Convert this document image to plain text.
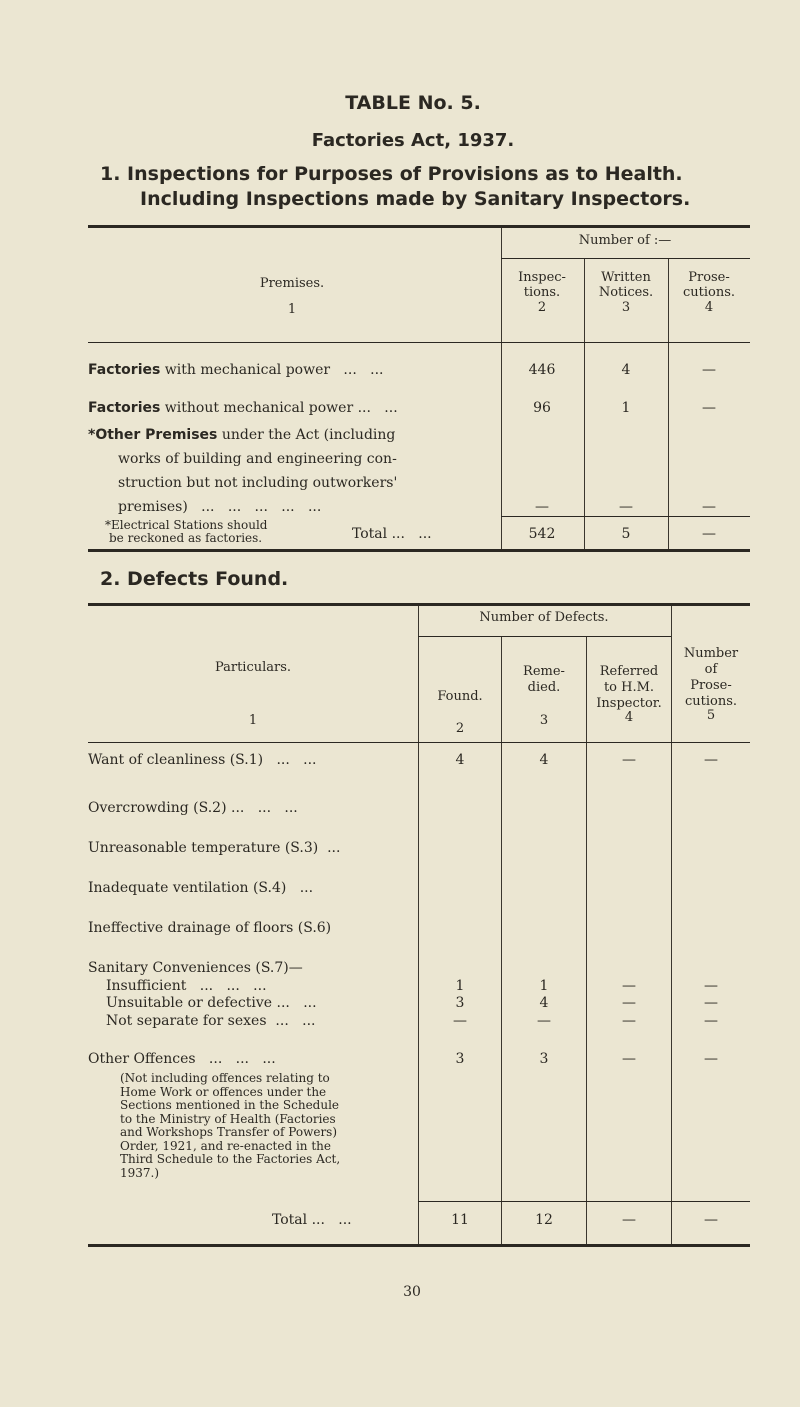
TABLE No. 5.
Factories Act, 1937.
1. Inspections for Purposes of Provisions as to Health.
Including Inspections made by Sanitary Inspectors.
Number of :—
Premises.
1
Inspec-
tions.
2
Written
Notices.
3
Prose-
cutions.
4
Factories with mechanical power   ...   ...	446	4	—
Factories without mechanical power ...   ...	96	1	—
*Other Premises under the Act (including
works of building and engineering con-
struction but not including outworkers'
premises)   ...   ...   ...   ...   ...	—	—	—
*Electrical Stations should
be reckoned as factories.
2. Defects Found.
Number of Defects.
Particulars.
1
Found.
2
Reme-
died.
3
Referred
to H.M.
Inspector.
4
Number
of
Prose-
cutions.
5
Want of cleanliness (S.1)   ...   ...	4	4	—	—
Overcrowding (S.2) ...   ...   ...
Unreasonable temperature (S.3)  ...
Inadequate ventilation (S.4)   ...
Ineffective drainage of floors (S.6)
Sanitary Conveniences (S.7)—
Insufficient   ...   ...   ...	1	1	—	—
Unsuitable or defective ...   ...	3	4	—	—
Not separate for sexes  ...   ...	—	—	—	—
Other Offences   ...   ...   ...	3	3	—	—
(Not including offences relating to
Home Work or offences under the
Sections mentioned in the Schedule
to the Ministry of Health (Factories
and Workshops Transfer of Powers)
Order, 1921, and re-enacted in the
Third Schedule to the Factories Act,
1937.)
Total ...   ...	542	5	—
Total ...   ...	11	12	—	—
30
